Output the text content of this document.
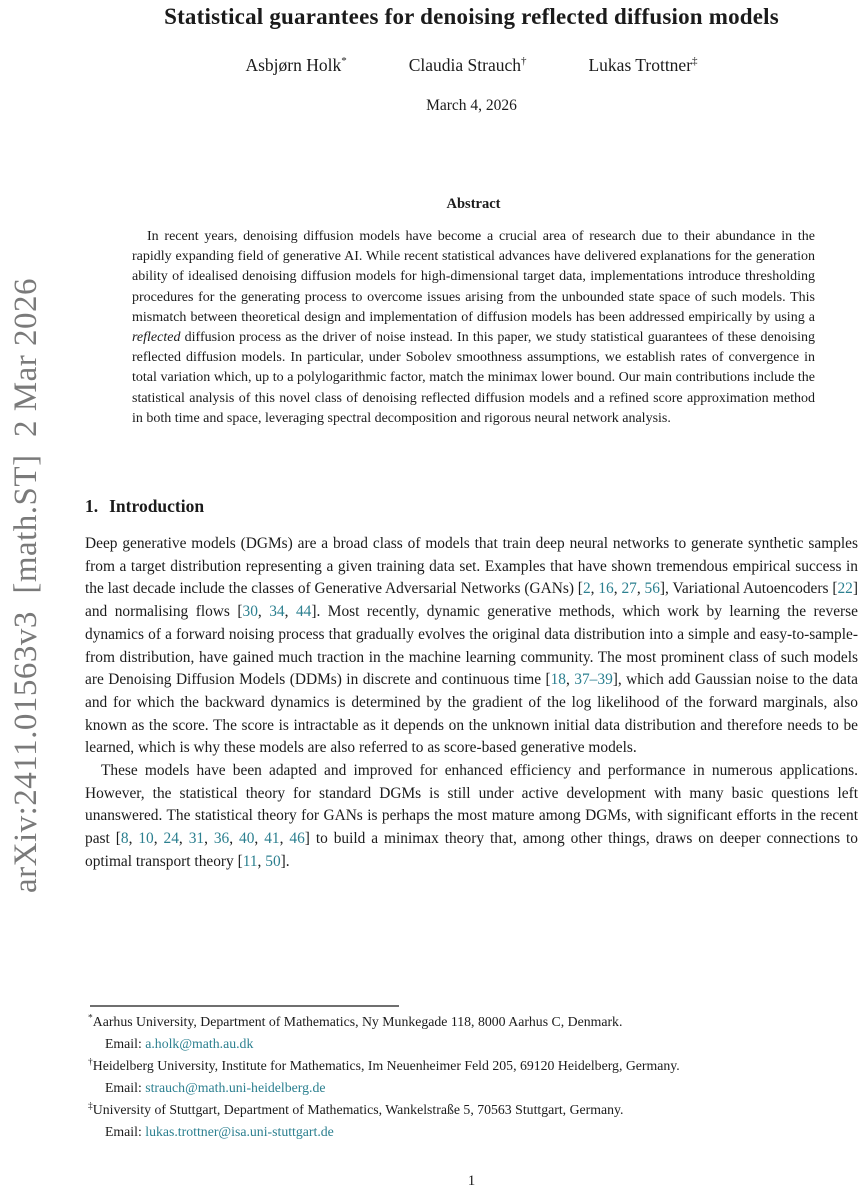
arXiv:2411.01563v3  [math.ST]  2 Mar 2026
Statistical guarantees for denoising reflected diffusion models
Asbjørn Holk*	Claudia Strauch†	Lukas Trottner‡
March 4, 2026
Abstract

In recent years, denoising diffusion models have become a crucial area of research due to their abundance in the rapidly expanding field of generative AI. While recent statistical advances have delivered explanations for the generation ability of idealised denoising diffusion models for high-dimensional target data, implementations introduce thresholding procedures for the generating process to overcome issues arising from the unbounded state space of such models. This mismatch between theoretical design and implementation of diffusion models has been addressed empirically by using a reflected diffusion process as the driver of noise instead. In this paper, we study statistical guarantees of these denoising reflected diffusion models. In particular, under Sobolev smoothness assumptions, we establish rates of convergence in total variation which, up to a polylogarithmic factor, match the minimax lower bound. Our main contributions include the statistical analysis of this novel class of denoising reflected diffusion models and a refined score approximation method in both time and space, leveraging spectral decomposition and rigorous neural network analysis.

1. Introduction

Deep generative models (DGMs) are a broad class of models that train deep neural networks to generate synthetic samples from a target distribution representing a given training data set. Examples that have shown tremendous empirical success in the last decade include the classes of Generative Adversarial Networks (GANs) [2, 16, 27, 56], Variational Autoencoders [22] and normalising flows [30, 34, 44]. Most recently, dynamic generative methods, which work by learning the reverse dynamics of a forward noising process that gradually evolves the original data distribution into a simple and easy-to-sample-from distribution, have gained much traction in the machine learning community. The most prominent class of such models are Denoising Diffusion Models (DDMs) in discrete and continuous time [18, 37–39], which add Gaussian noise to the data and for which the backward dynamics is determined by the gradient of the log likelihood of the forward marginals, also known as the score. The score is intractable as it depends on the unknown initial data distribution and therefore needs to be learned, which is why these models are also referred to as score-based generative models.

These models have been adapted and improved for enhanced efficiency and performance in numerous applications. However, the statistical theory for standard DGMs is still under active development with many basic questions left unanswered. The statistical theory for GANs is perhaps the most mature among DGMs, with significant efforts in the recent past [8, 10, 24, 31, 36, 40, 41, 46] to build a minimax theory that, among other things, draws on deeper connections to optimal transport theory [11, 50].

*Aarhus University, Department of Mathematics, Ny Munkegade 118, 8000 Aarhus C, Denmark.
Email: a.holk@math.au.dk
†Heidelberg University, Institute for Mathematics, Im Neuenheimer Feld 205, 69120 Heidelberg, Germany.
Email: strauch@math.uni-heidelberg.de
‡University of Stuttgart, Department of Mathematics, Wankelstraße 5, 70563 Stuttgart, Germany.
Email: lukas.trottner@isa.uni-stuttgart.de
1
